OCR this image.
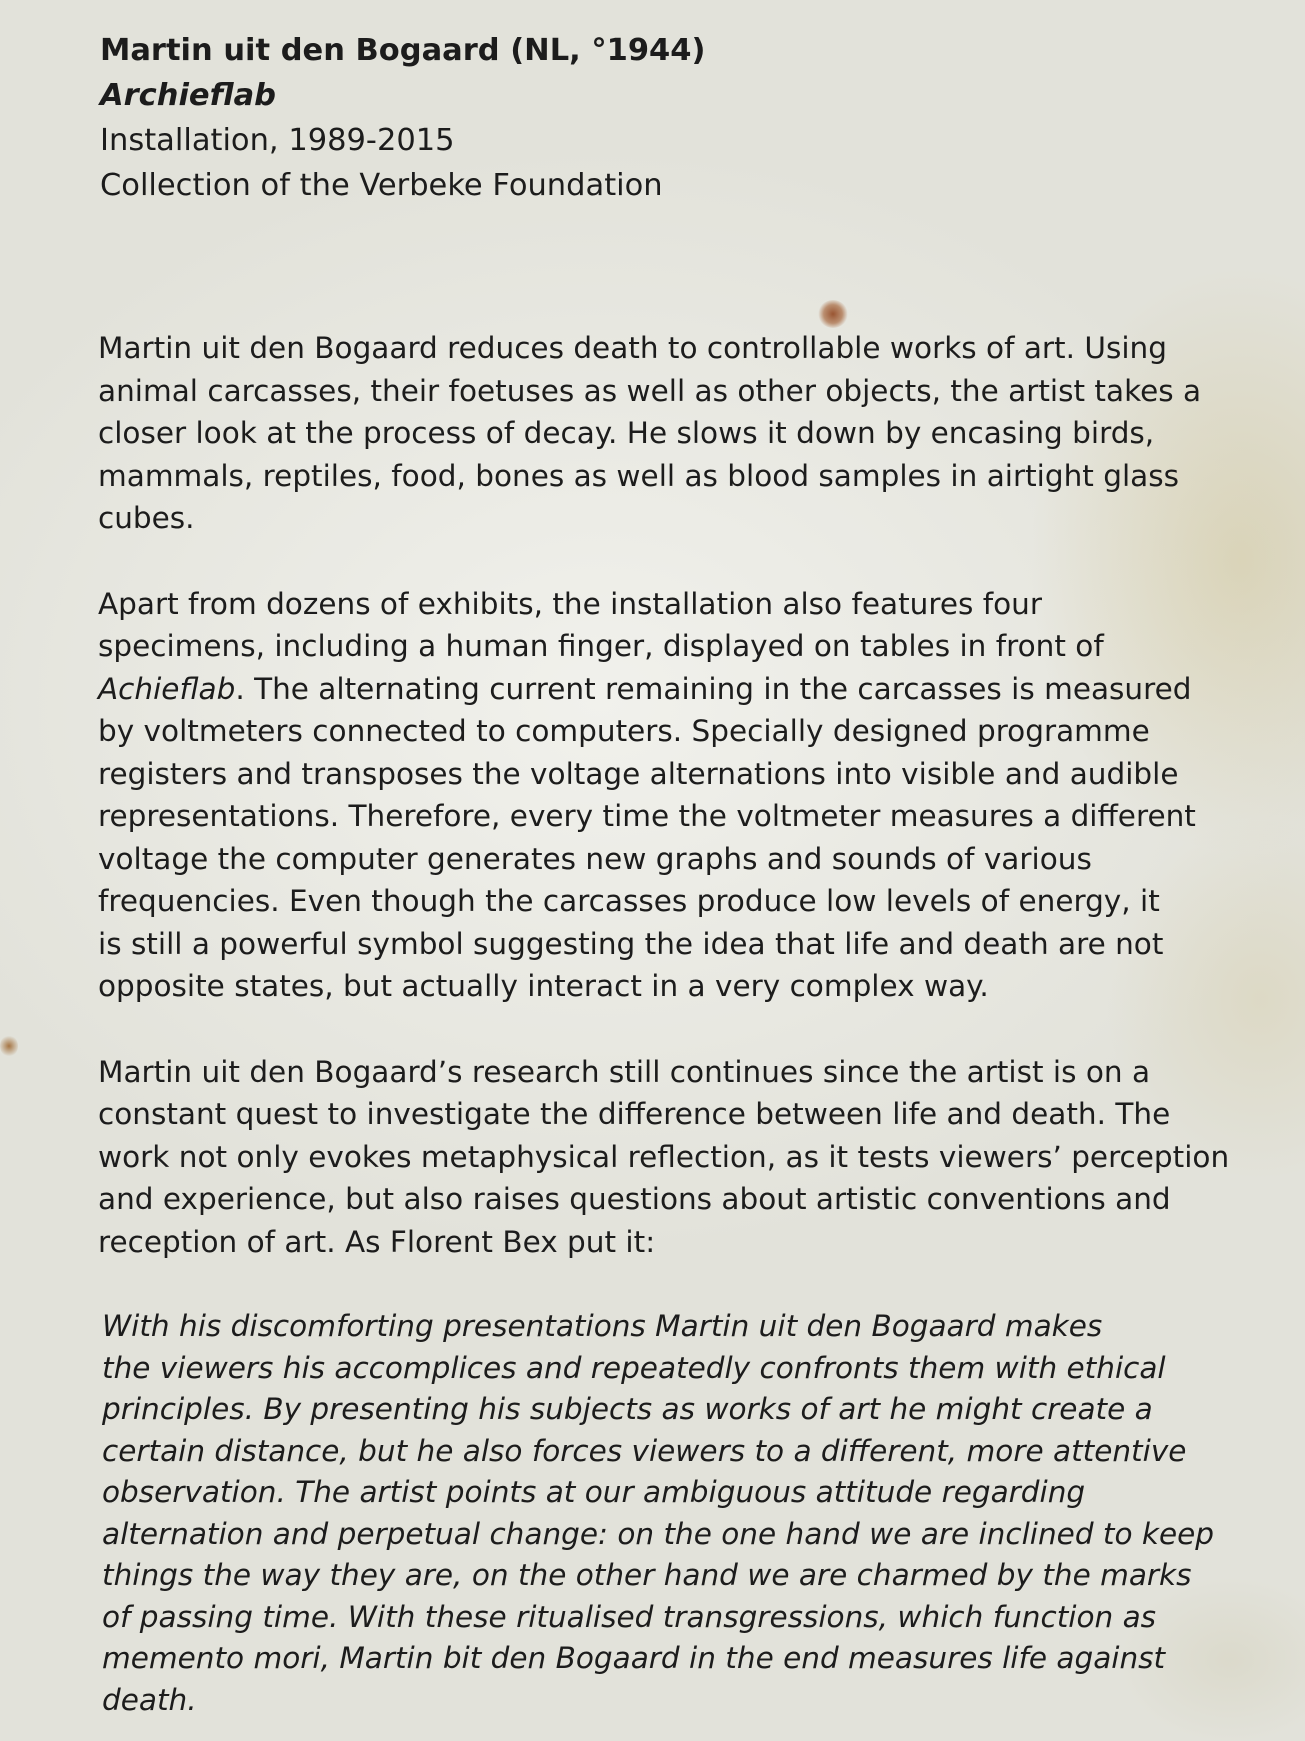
Martin uit den Bogaard (NL, °1944)
Archieflab
Installation, 1989-2015
Collection of the Verbeke Foundation
Martin uit den Bogaard reduces death to controllable works of art. Using
animal carcasses, their foetuses as well as other objects, the artist takes a
closer look at the process of decay. He slows it down by encasing birds,
mammals, reptiles, food, bones as well as blood samples in airtight glass
cubes.
Apart from dozens of exhibits, the installation also features four
specimens, including a human finger, displayed on tables in front of
Achieflab. The alternating current remaining in the carcasses is measured
by voltmeters connected to computers. Specially designed programme
registers and transposes the voltage alternations into visible and audible
representations. Therefore, every time the voltmeter measures a different
voltage the computer generates new graphs and sounds of various
frequencies. Even though the carcasses produce low levels of energy, it
is still a powerful symbol suggesting the idea that life and death are not
opposite states, but actually interact in a very complex way.
Martin uit den Bogaard’s research still continues since the artist is on a
constant quest to investigate the difference between life and death. The
work not only evokes metaphysical reflection, as it tests viewers’ perception
and experience, but also raises questions about artistic conventions and
reception of art. As Florent Bex put it:
With his discomforting presentations Martin uit den Bogaard makes
the viewers his accomplices and repeatedly confronts them with ethical
principles. By presenting his subjects as works of art he might create a
certain distance, but he also forces viewers to a different, more attentive
observation. The artist points at our ambiguous attitude regarding
alternation and perpetual change: on the one hand we are inclined to keep
things the way they are, on the other hand we are charmed by the marks
of passing time. With these ritualised transgressions, which function as
memento mori, Martin bit den Bogaard in the end measures life against
death.
